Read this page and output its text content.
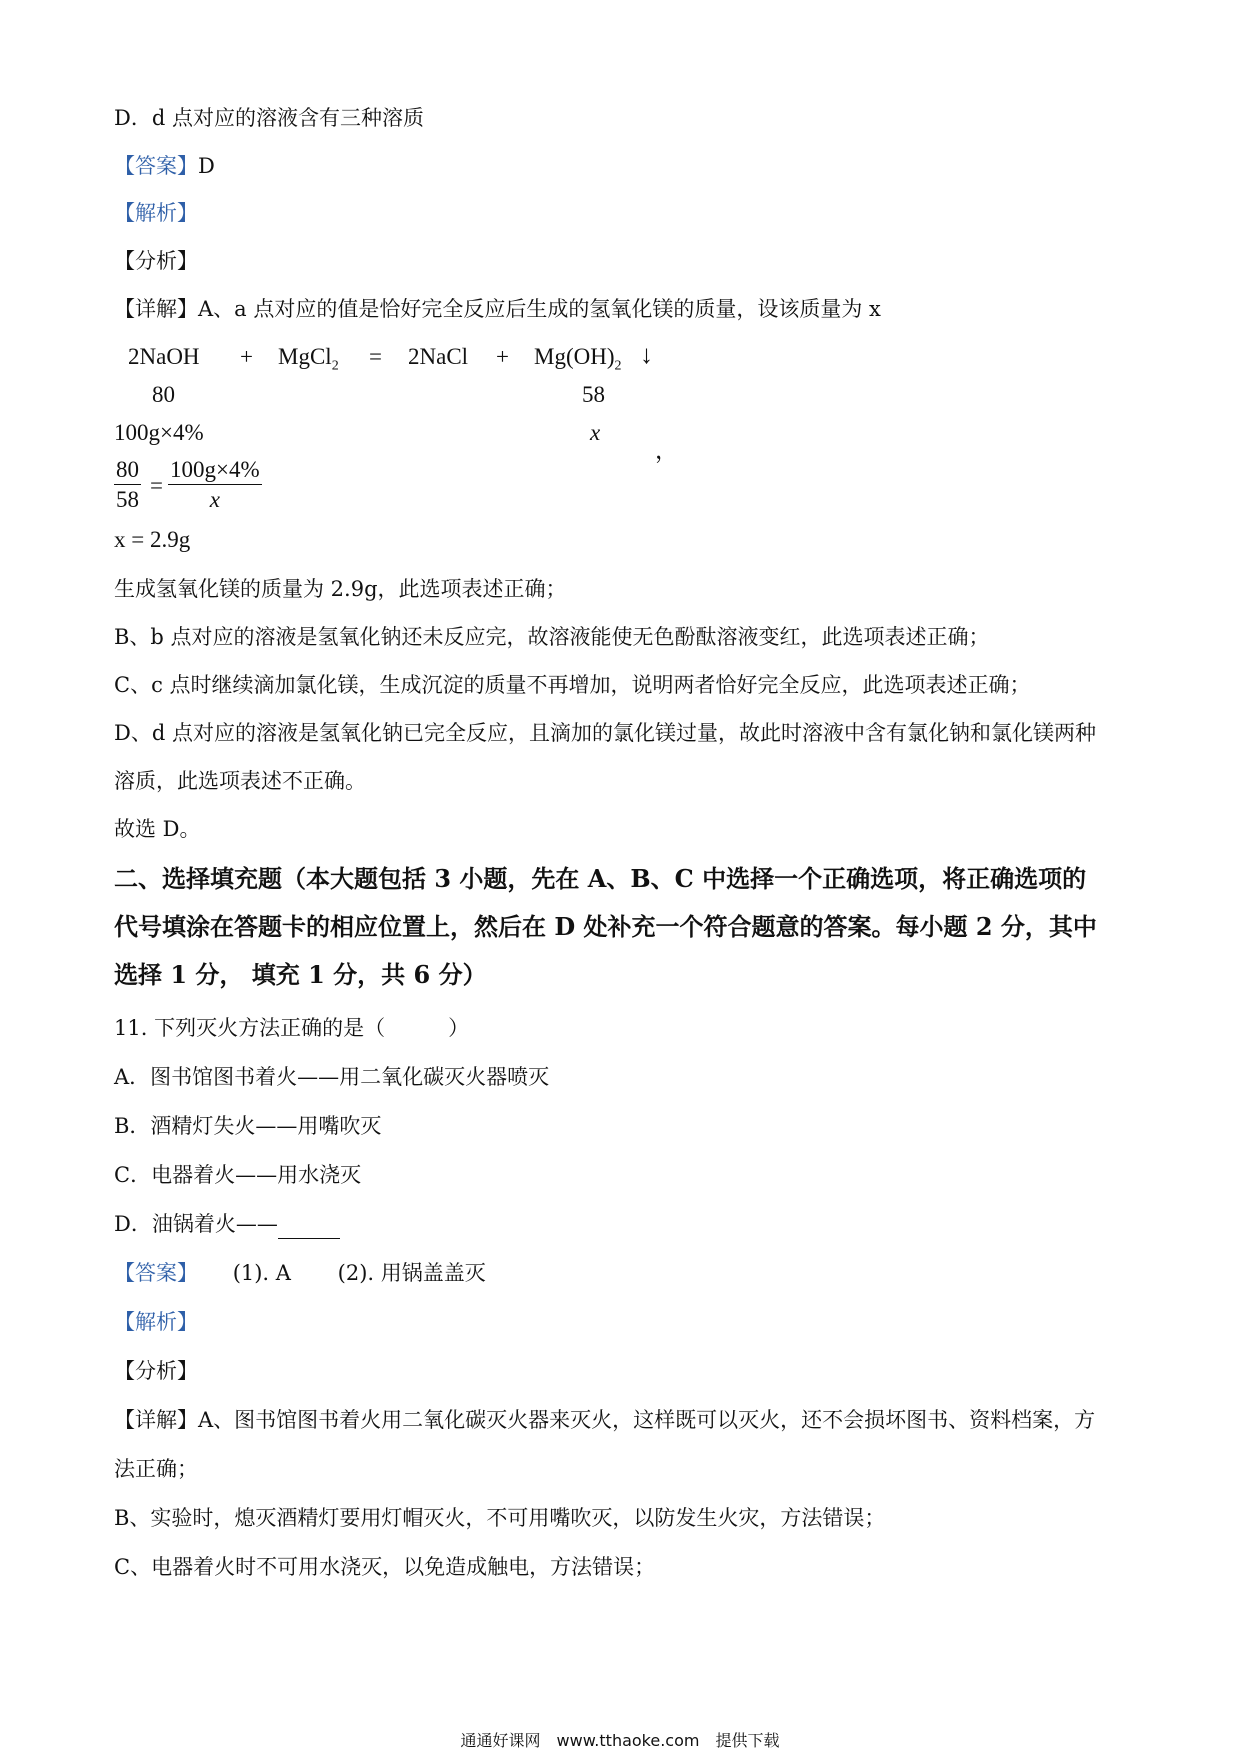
D．d 点对应的溶液含有三种溶质
【答案】D
【解析】
【分析】
【详解】A、a 点对应的值是恰好完全反应后生成的氢氧化镁的质量，设该质量为 x
2NaOH + MgCl$_2$ = 2NaCl + $Mg(OH)_2$ ↓
80	58
100g×4%	x
，
$\frac{80}{58} = \frac{100g\times 4\%}{x}$
x = 2.9g
生成氢氧化镁的质量为 2.9g，此选项表述正确；
B、b 点对应的溶液是氢氧化钠还未反应完，故溶液能使无色酚酞溶液变红，此选项表述正确；
C、c 点时继续滴加氯化镁，生成沉淀的质量不再增加，说明两者恰好完全反应，此选项表述正确；
D、d 点对应的溶液是氢氧化钠已完全反应，且滴加的氯化镁过量，故此时溶液中含有氯化钠和氯化镁两种
溶质，此选项表述不正确。
故选 D。
二、选择填充题（本大题包括 3 小题，先在 A、B、C 中选择一个正确选项，将正确选项的
代号填涂在答题卡的相应位置上，然后在 D 处补充一个符合题意的答案。每小题 2 分，其中
选择 1 分， 填充 1 分，共 6 分）
11. 下列灭火方法正确的是（　　　）
A．图书馆图书着火——用二氧化碳灭火器喷灭
B．酒精灯失火——用嘴吹灭
C．电器着火——用水浇灭
D．油锅着火——
【答案】 (1). A (2). 用锅盖盖灭
【解析】
【分析】
【详解】A、图书馆图书着火用二氧化碳灭火器来灭火，这样既可以灭火，还不会损坏图书、资料档案，方
法正确；
B、实验时，熄灭酒精灯要用灯帽灭火，不可用嘴吹灭，以防发生火灾，方法错误；
C、电器着火时不可用水浇灭，以免造成触电，方法错误；
通通好课网　www.tthaoke.com　提供下载
